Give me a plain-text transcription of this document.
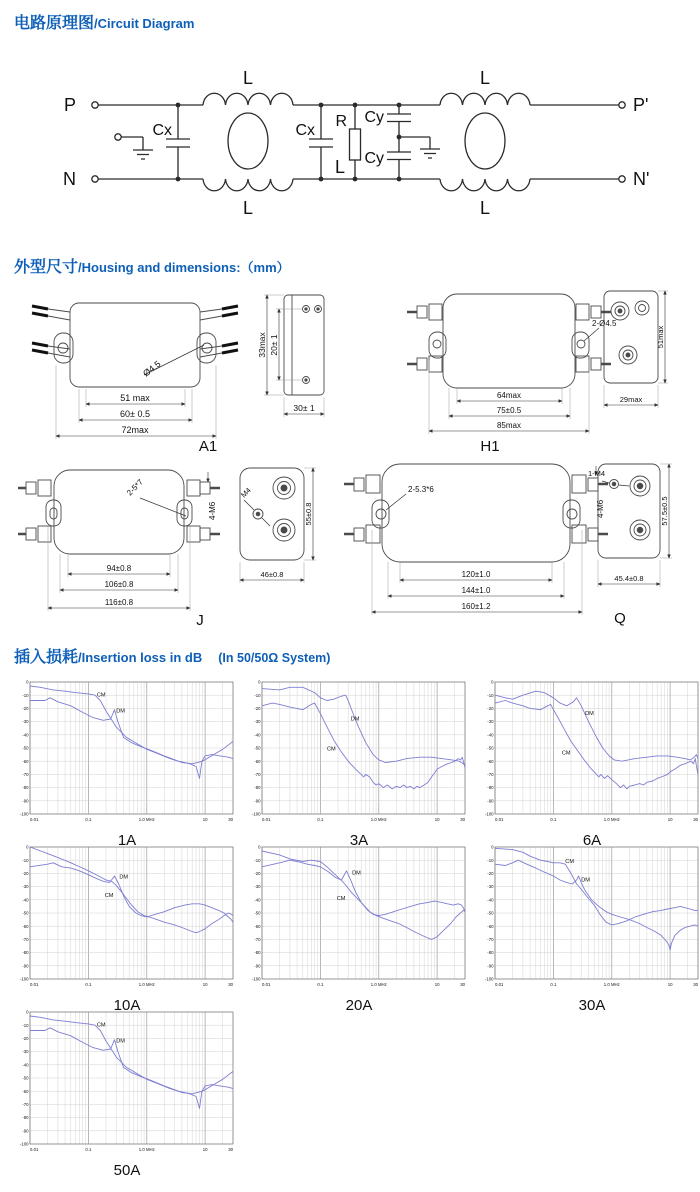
电路原理图/Circuit Diagram
P
N
P'
N'
L
L
L
L
L
Cx	Cx
R Cy
Cy
外型尺寸/Housing and dimensions:（mm）
51 max
60± 0.5
72max
Ø4.5
33max 20± 1
30± 1
A1
64max
75±0.5
85max
2-Ø4.5
51max
29max
H1
94±0.8
106±0.8
116±0.8
2-5*7
4-M6
M4
55±0.8
46±0.8
J
120±1.0
144±1.0
160±1.2
2-5.3*6
4-M6
1-M4
57.5±0.5
45.4±0.8
Q
插入损耗/Insertion loss in dB (In 50/50Ω System)
0
-10
-20
-30
-40
-50
-60
-70
-80
-90
-100
0.01	0.1	1.0 MHz	10	30
CM
DM
1A
0
-10
-20
-30
-40
-50
-60
-70
-80
-90
-100
0.01	0.1	1.0 MHz	10	30
DM
CM
3A
0
-10
-20
-30
-40
-50
-60
-70
-80
-90
-100
0.01	0.1	1.0 MHz	10	30
DM
CM
6A
0
-10
-20
-30
-40
-50
-60
-70
-80
-90
-100
0.01	0.1	1.0 MHz	10	30
CM
DM
10A
0
-10
-20
-30
-40
-50
-60
-70
-80
-90
-100
0.01	0.1	1.0 MHz	10	30
CM
DM
20A
0
-10
-20
-30
-40
-50
-60
-70
-80
-90
-100
0.01	0.1	1.0 MHz	10	30
CM
DM
30A
0
-10
-20
-30
-40
-50
-60
-70
-80
-90
-100
0.01	0.1	1.0 MHz	10	30
CM
DM
50A
